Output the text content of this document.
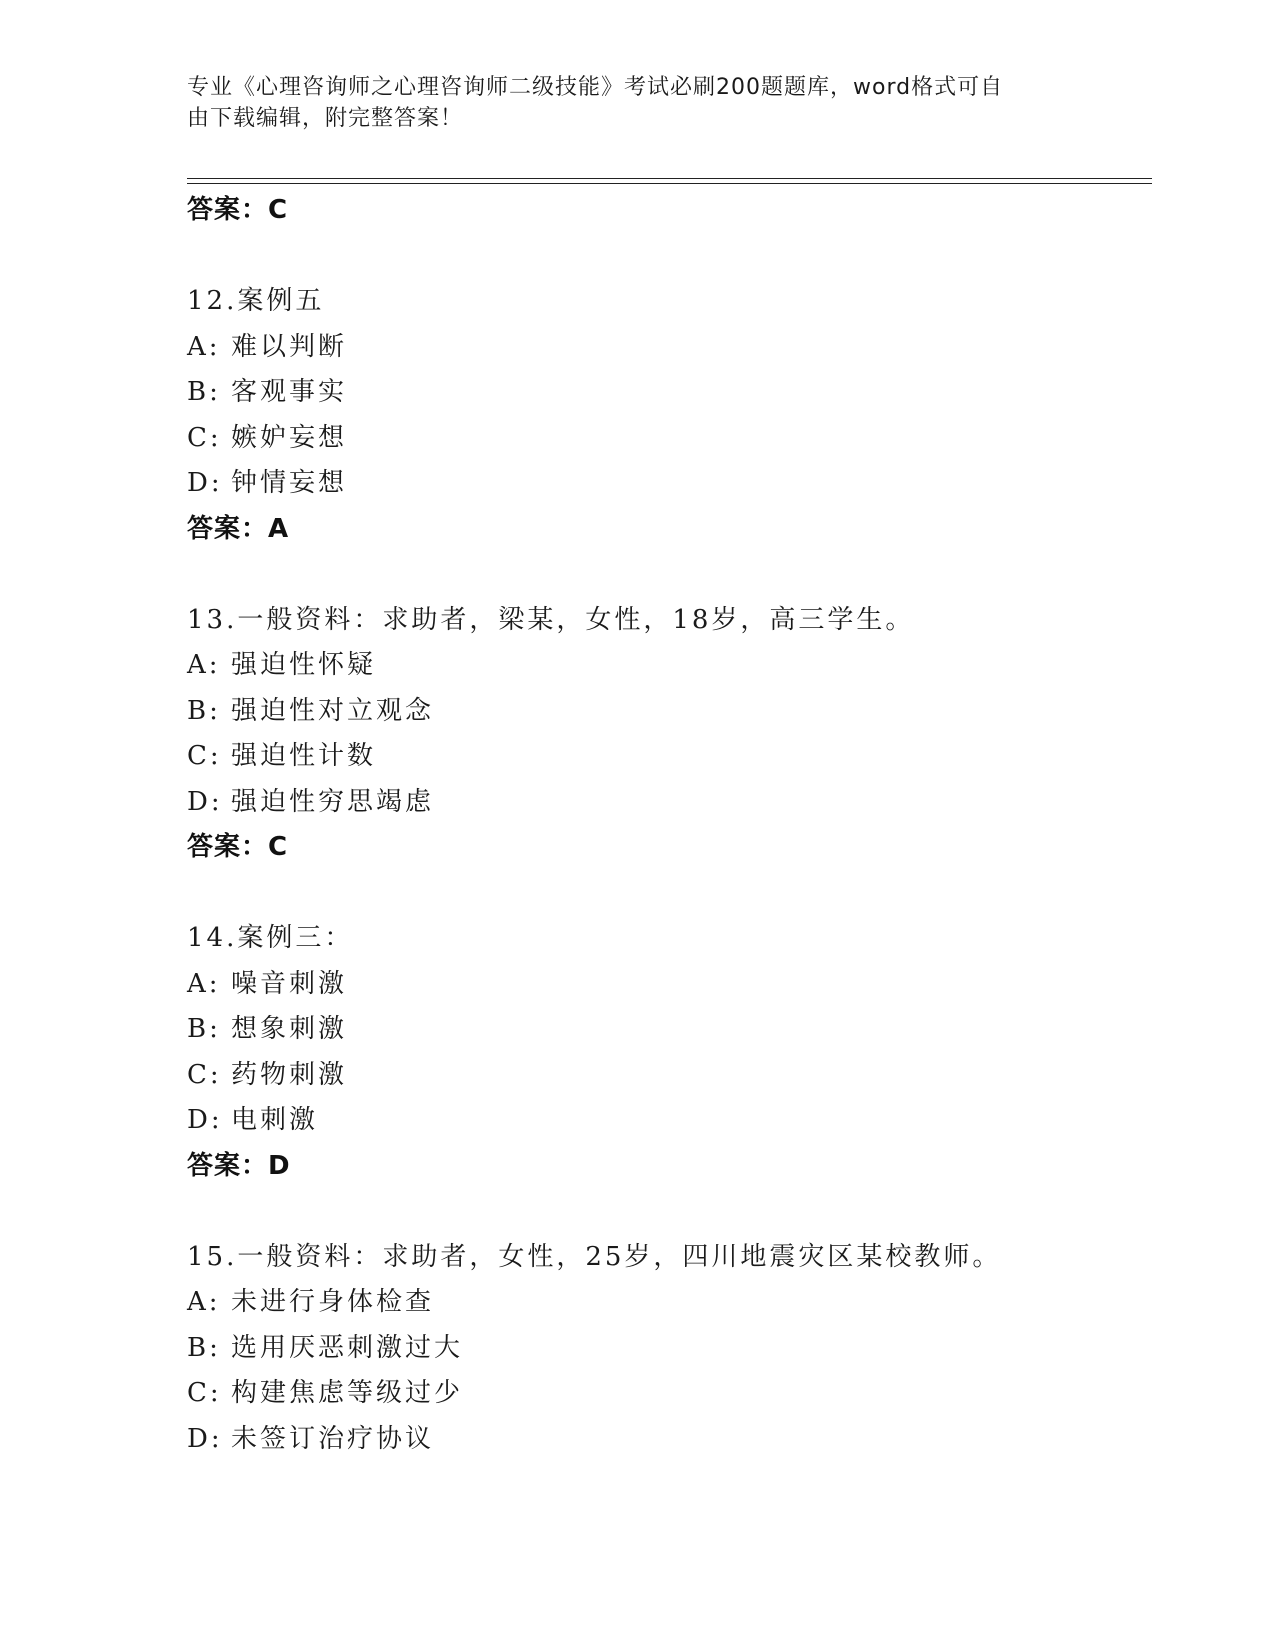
专业《心理咨询师之心理咨询师二级技能》考试必刷200题题库，word格式可自
由下载编辑，附完整答案！
答案：C
12.案例五
A: 难以判断
B: 客观事实
C: 嫉妒妄想
D: 钟情妄想
答案：A
13.一般资料：求助者，梁某，女性，18岁，高三学生。
A: 强迫性怀疑
B: 强迫性对立观念
C: 强迫性计数
D: 强迫性穷思竭虑
答案：C
14.案例三：
A: 噪音刺激
B: 想象刺激
C: 药物刺激
D: 电刺激
答案：D
15.一般资料：求助者，女性，25岁，四川地震灾区某校教师。
A: 未进行身体检查
B: 选用厌恶刺激过大
C: 构建焦虑等级过少
D: 未签订治疗协议
